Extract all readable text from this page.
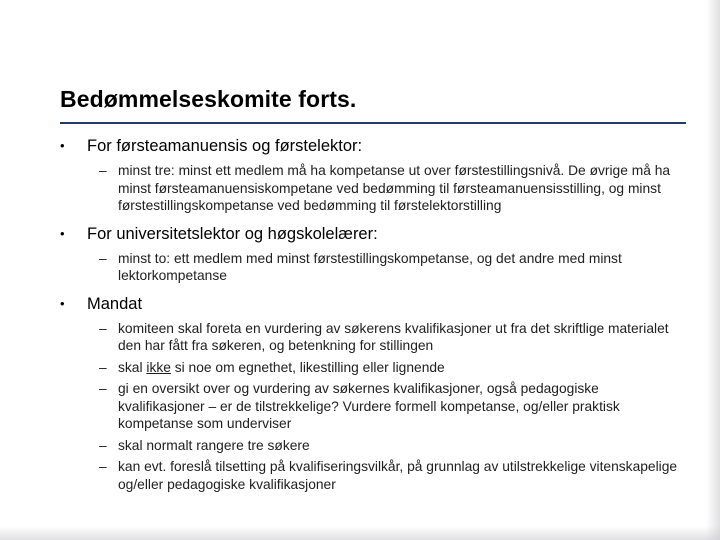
Bedømmelseskomite forts.
• For førsteamanuensis og førstelektor:
– minst tre: minst ett medlem må ha kompetanse ut over førstestillingsnivå. De øvrige må ha minst førsteamanuensiskompetane ved bedømming til førsteamanuensisstilling, og minst førstestillingskompetanse ved bedømming til førstelektorstilling
• For universitetslektor og høgskolelærer:
– minst to: ett medlem med minst førstestillingskompetanse, og det andre med minst lektorkompetanse
• Mandat
– komiteen skal foreta en vurdering av søkerens kvalifikasjoner ut fra det skriftlige materialet den har fått fra søkeren, og betenkning for stillingen
– skal ikke si noe om egnethet, likestilling eller lignende
– gi en oversikt over og vurdering av søkernes kvalifikasjoner, også pedagogiske kvalifikasjoner – er de tilstrekkelige? Vurdere formell kompetanse, og/eller praktisk kompetanse som underviser
– skal normalt rangere tre søkere
– kan evt. foreslå tilsetting på kvalifiseringsvilkår, på grunnlag av utilstrekkelige vitenskapelige og/eller pedagogiske kvalifikasjoner
